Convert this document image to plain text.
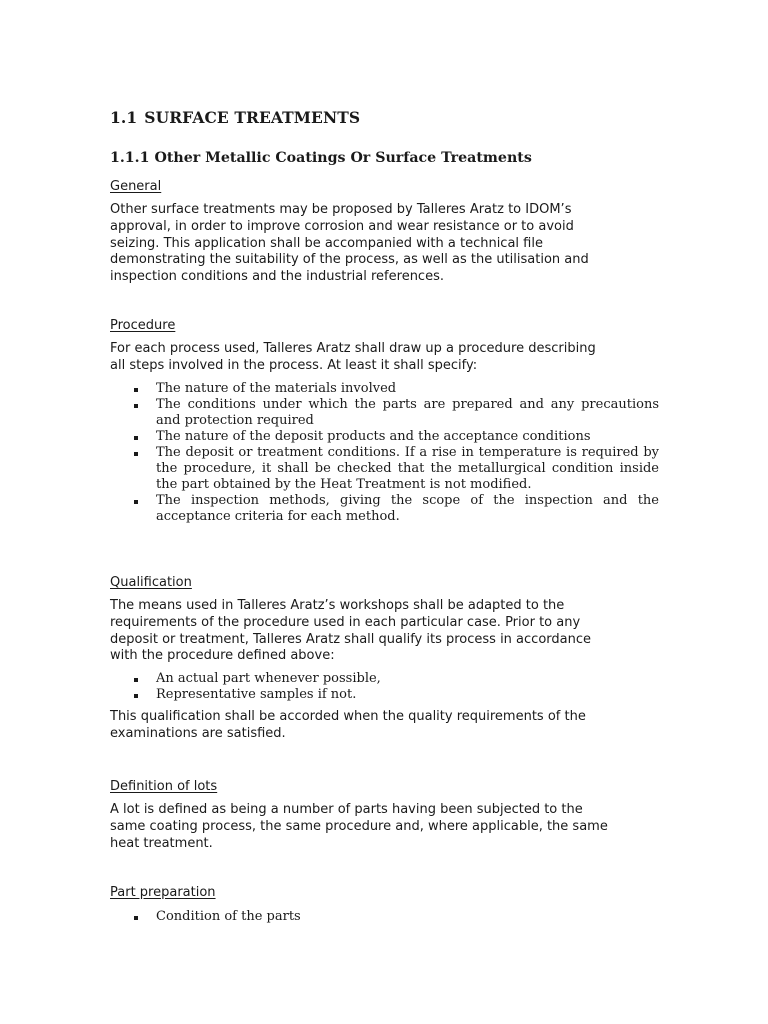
1.1 SURFACE TREATMENTS
1.1.1 Other Metallic Coatings Or Surface Treatments
General

Other surface treatments may be proposed by Talleres Aratz to IDOM’s
approval, in order to improve corrosion and wear resistance or to avoid
seizing. This application shall be accompanied with a technical file
demonstrating the suitability of the process, as well as the utilisation and
inspection conditions and the industrial references.

Procedure

For each process used, Talleres Aratz shall draw up a procedure describing
all steps involved in the process. At least it shall specify:

The nature of the materials involved
The conditions under which the parts are prepared and any precautions and protection required
The nature of the deposit products and the acceptance conditions
The deposit or treatment conditions. If a rise in temperature is required by the procedure, it shall be checked that the metallurgical condition inside the part obtained by the Heat Treatment is not modified.
The inspection methods, giving the scope of the inspection and the acceptance criteria for each method.
Qualification

The means used in Talleres Aratz’s workshops shall be adapted to the
requirements of the procedure used in each particular case. Prior to any
deposit or treatment, Talleres Aratz shall qualify its process in accordance
with the procedure defined above:

An actual part whenever possible,
Representative samples if not.

This qualification shall be accorded when the quality requirements of the
examinations are satisfied.

Definition of lots

A lot is defined as being a number of parts having been subjected to the
same coating process, the same procedure and, where applicable, the same
heat treatment.

Part preparation
Condition of the parts
